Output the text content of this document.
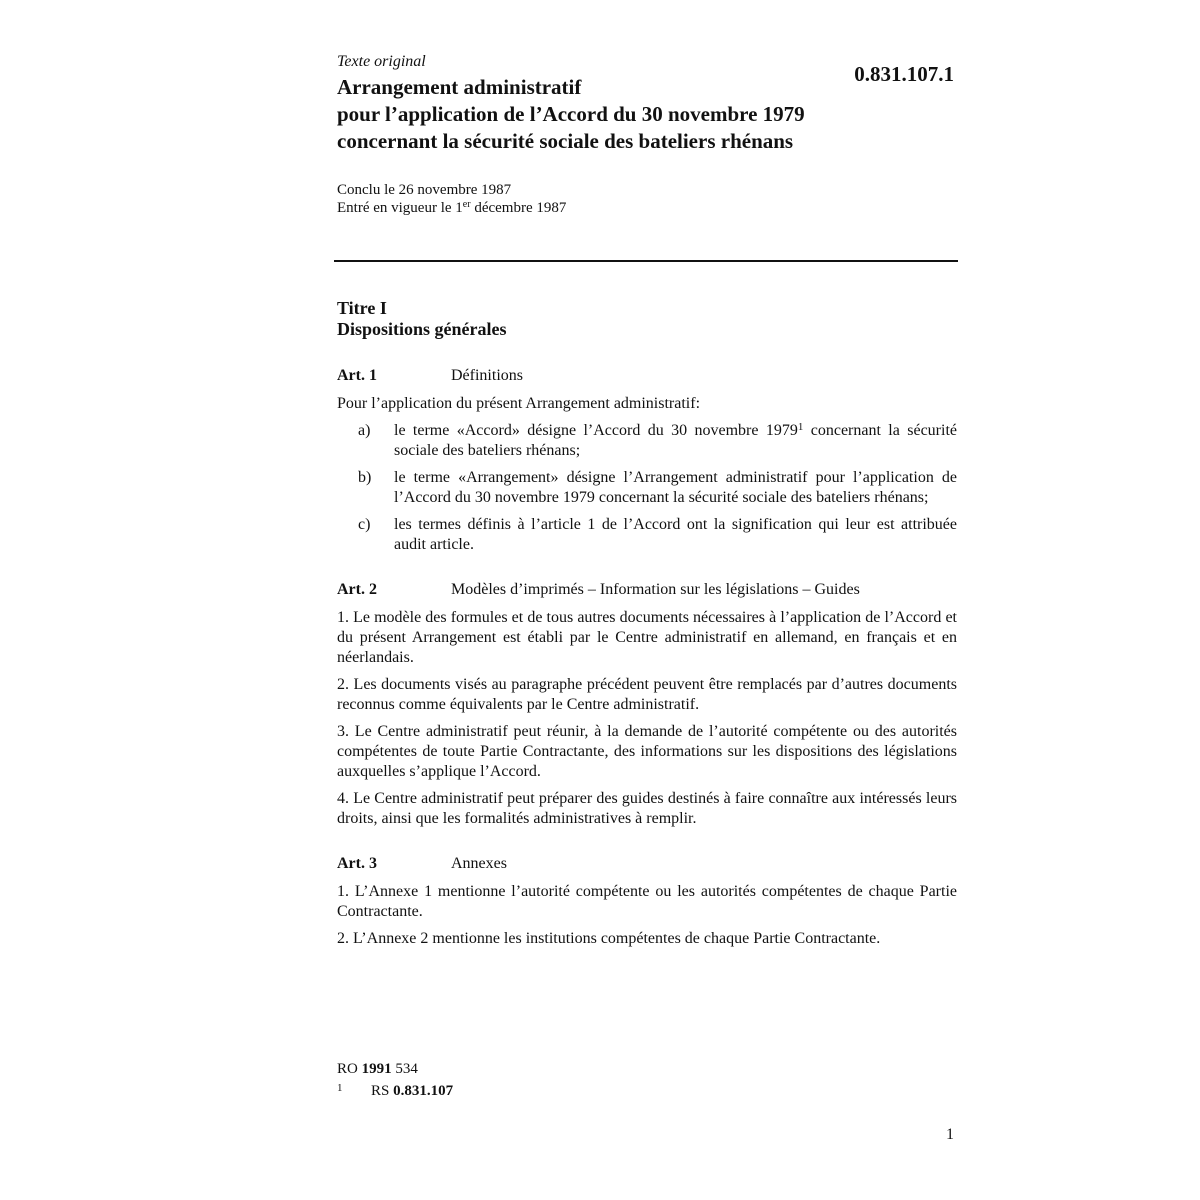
Texte original
0.831.107.1
Arrangement administratif
pour l’application de l’Accord du 30 novembre 1979
concernant la sécurité sociale des bateliers rhénans
Conclu le 26 novembre 1987
Entré en vigueur le 1er décembre 1987
Titre I
Dispositions générales
Art. 1	Définitions

Pour l’application du présent Arrangement administratif:

a)	le terme «Accord» désigne l’Accord du 30 novembre 1979$^1$ concernant la sécurité sociale des bateliers rhénans;
b)	le terme «Arrangement» désigne l’Arrangement administratif pour l’application de l’Accord du 30 novembre 1979 concernant la sécurité sociale des bateliers rhénans;
c)	les termes définis à l’article 1 de l’Accord ont la signification qui leur est attribuée audit article.
Art. 2	Modèles d’imprimés – Information sur les législations – Guides

1. Le modèle des formules et de tous autres documents nécessaires à l’application de l’Accord et du présent Arrangement est établi par le Centre administratif en allemand, en français et en néerlandais.

2. Les documents visés au paragraphe précédent peuvent être remplacés par d’autres documents reconnus comme équivalents par le Centre administratif.

3. Le Centre administratif peut réunir, à la demande de l’autorité compétente ou des autorités compétentes de toute Partie Contractante, des informations sur les dispositions des législations auxquelles s’applique l’Accord.

4. Le Centre administratif peut préparer des guides destinés à faire connaître aux intéressés leurs droits, ainsi que les formalités administratives à remplir.

Art. 3	Annexes

1. L’Annexe 1 mentionne l’autorité compétente ou les autorités compétentes de chaque Partie Contractante.

2. L’Annexe 2 mentionne les institutions compétentes de chaque Partie Contractante.

RO 1991 534
1 RS 0.831.107
1
